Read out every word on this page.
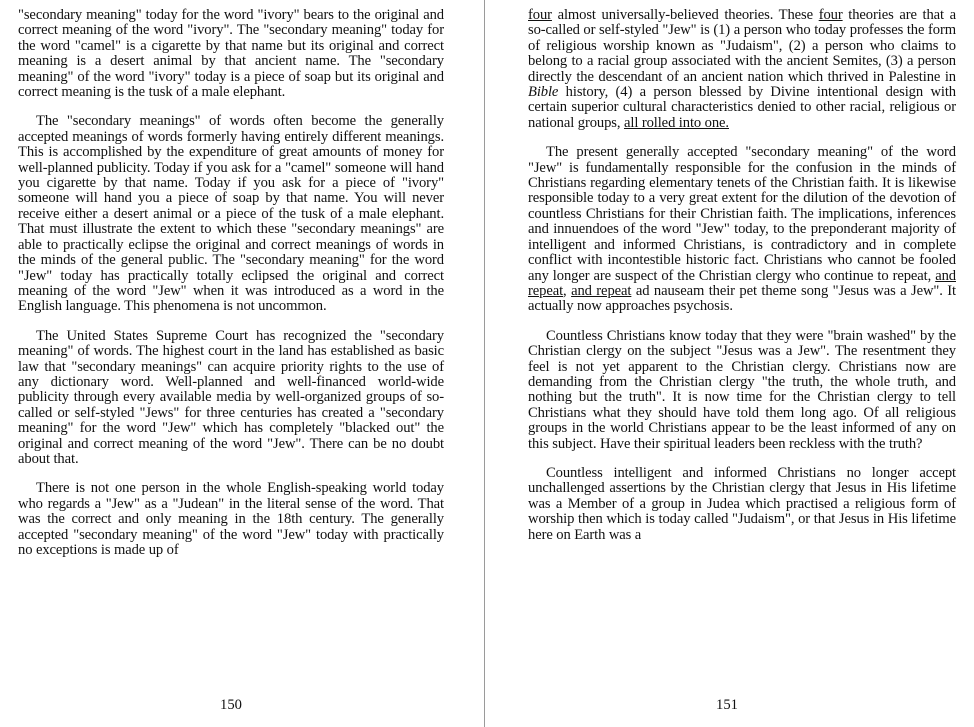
"secondary meaning" today for the word "ivory" bears to the original and correct meaning of the word "ivory". The "secondary meaning" today for the word "camel" is a cigarette by that name but its original and correct meaning is a desert animal by that ancient name. The "secondary meaning" of the word "ivory" today is a piece of soap but its original and correct meaning is the tusk of a male elephant.

The "secondary meanings" of words often become the generally accepted meanings of words formerly having entirely different meanings. This is accomplished by the expenditure of great amounts of money for well-planned publicity. Today if you ask for a "camel" someone will hand you cigarette by that name. Today if you ask for a piece of "ivory" someone will hand you a piece of soap by that name. You will never receive either a desert animal or a piece of the tusk of a male elephant. That must illustrate the extent to which these "secondary meanings" are able to practically eclipse the original and correct meanings of words in the minds of the general public. The "secondary meaning" for the word "Jew" today has practically totally eclipsed the original and correct meaning of the word "Jew" when it was introduced as a word in the English language. This phenomena is not uncommon.

The United States Supreme Court has recognized the "secondary meaning" of words. The highest court in the land has established as basic law that "secondary meanings" can acquire priority rights to the use of any dictionary word. Well-planned and well-financed world-wide publicity through every available media by well-organized groups of so-called or self-styled "Jews" for three centuries has created a "secondary meaning" for the word "Jew" which has completely "blacked out" the original and correct meaning of the word "Jew". There can be no doubt about that.

There is not one person in the whole English-speaking world today who regards a "Jew" as a "Judean" in the literal sense of the word. That was the correct and only meaning in the 18th century. The generally accepted "secondary meaning" of the word "Jew" today with practically no exceptions is made up of

150

four almost universally-believed theories. These four theories are that a so-called or self-styled "Jew" is (1) a person who today professes the form of religious worship known as "Judaism", (2) a person who claims to belong to a racial group associated with the ancient Semites, (3) a person directly the descendant of an ancient nation which thrived in Palestine in Bible history, (4) a person blessed by Divine intentional design with certain superior cultural characteristics denied to other racial, religious or national groups, all rolled into one.

The present generally accepted "secondary meaning" of the word "Jew" is fundamentally responsible for the confusion in the minds of Christians regarding elementary tenets of the Christian faith. It is likewise responsible today to a very great extent for the dilution of the devotion of countless Christians for their Christian faith. The implications, inferences and innuendoes of the word "Jew" today, to the preponderant majority of intelligent and informed Christians, is contradictory and in complete conflict with incontestible historic fact. Christians who cannot be fooled any longer are suspect of the Christian clergy who continue to repeat, and repeat, and repeat ad nauseam their pet theme song "Jesus was a Jew". It actually now approaches psychosis.

Countless Christians know today that they were "brain washed" by the Christian clergy on the subject "Jesus was a Jew". The resentment they feel is not yet apparent to the Christian clergy. Christians now are demanding from the Christian clergy "the truth, the whole truth, and nothing but the truth". It is now time for the Christian clergy to tell Christians what they should have told them long ago. Of all religious groups in the world Christians appear to be the least informed of any on this subject. Have their spiritual leaders been reckless with the truth?

Countless intelligent and informed Christians no longer accept unchallenged assertions by the Christian clergy that Jesus in His lifetime was a Member of a group in Judea which practised a religious form of worship then which is today called "Judaism", or that Jesus in His lifetime here on Earth was a

151
